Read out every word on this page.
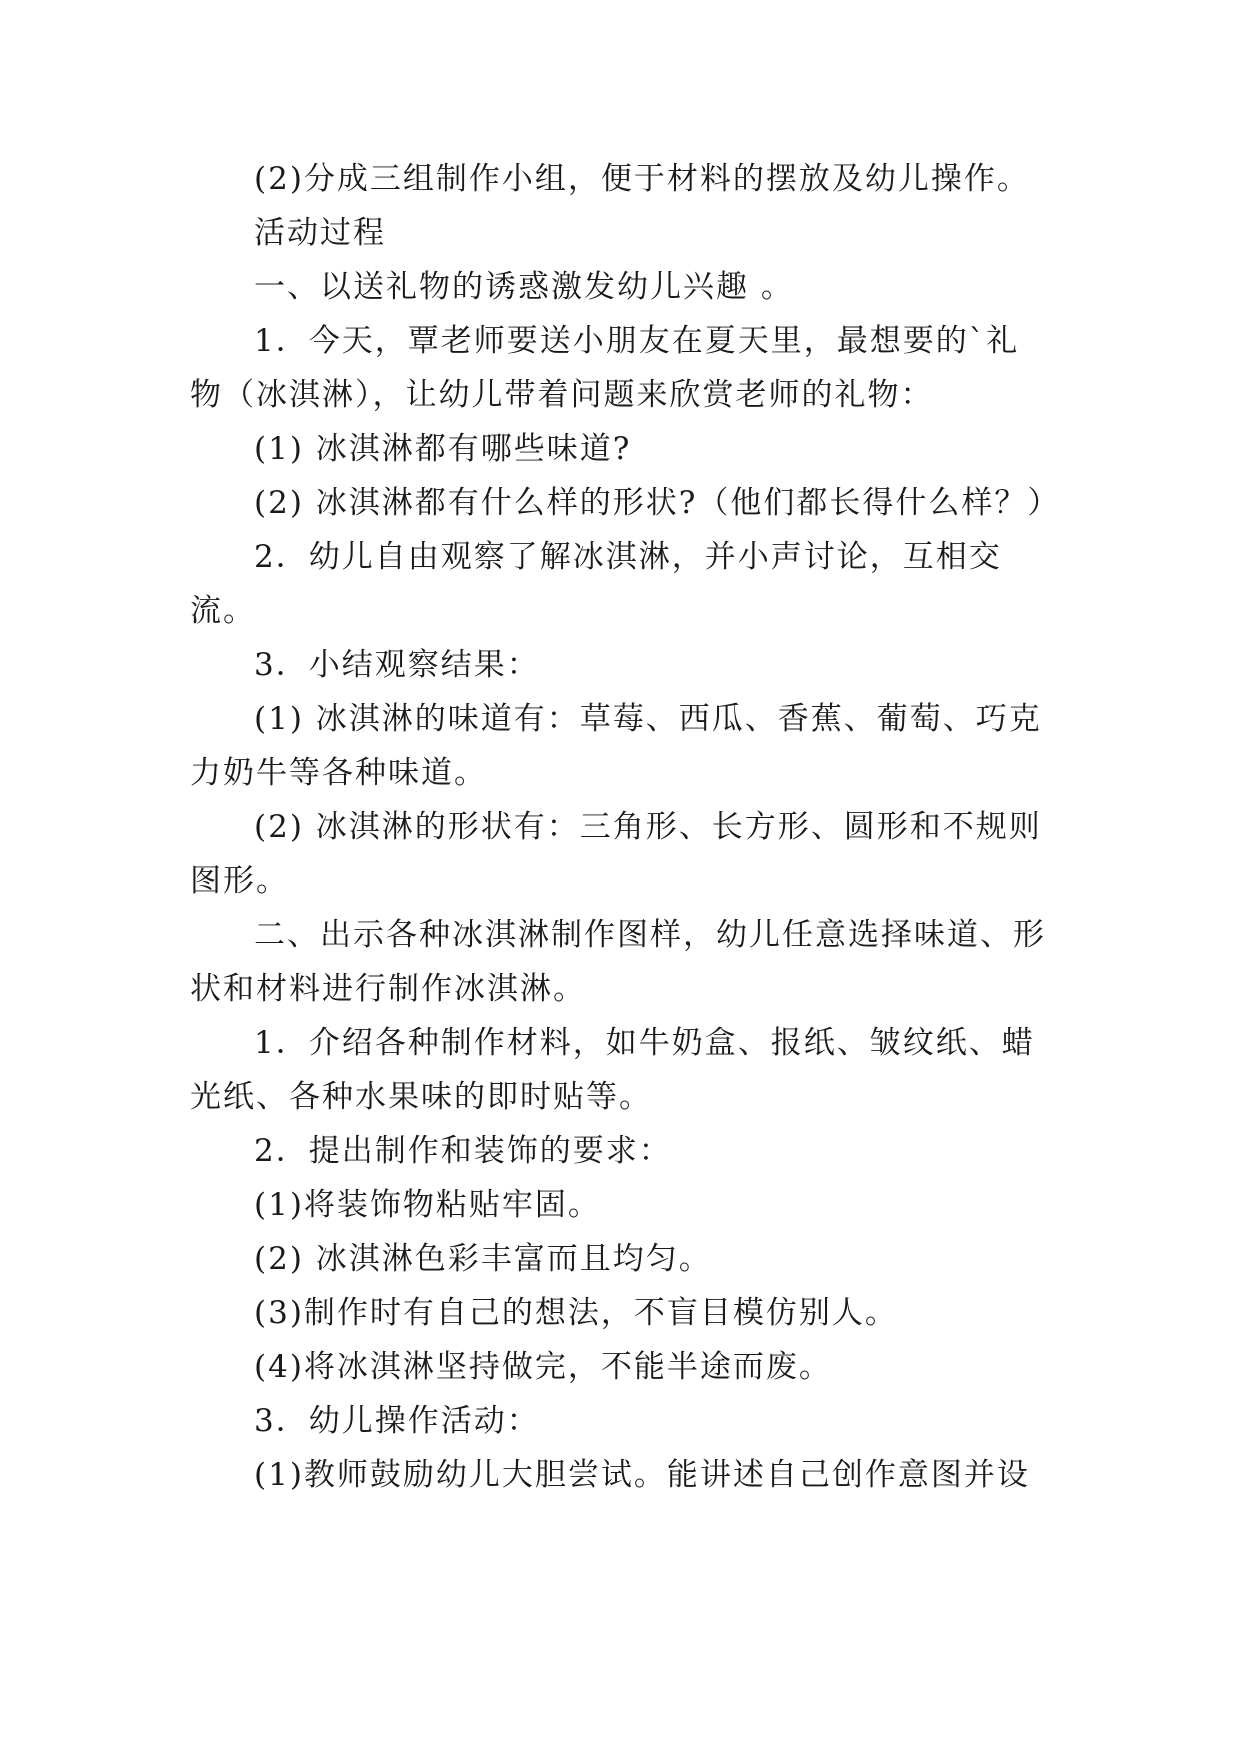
(2)分成三组制作小组，便于材料的摆放及幼儿操作。

活动过程

一、以送礼物的诱惑激发幼儿兴趣 。

1．今天，覃老师要送小朋友在夏天里，最想要的`礼物（冰淇淋），让幼儿带着问题来欣赏老师的礼物：

(1) 冰淇淋都有哪些味道?

(2) 冰淇淋都有什么样的形状?（他们都长得什么样？）

2．幼儿自由观察了解冰淇淋，并小声讨论，互相交流。

3．小结观察结果：

(1) 冰淇淋的味道有：草莓、西瓜、香蕉、葡萄、巧克力奶牛等各种味道。

(2) 冰淇淋的形状有：三角形、长方形、圆形和不规则图形。

二、出示各种冰淇淋制作图样，幼儿任意选择味道、形状和材料进行制作冰淇淋。

1．介绍各种制作材料，如牛奶盒、报纸、皱纹纸、蜡光纸、各种水果味的即时贴等。

2．提出制作和装饰的要求：

(1)将装饰物粘贴牢固。

(2) 冰淇淋色彩丰富而且均匀。

(3)制作时有自己的想法，不盲目模仿别人。

(4)将冰淇淋坚持做完，不能半途而废。

3．幼儿操作活动：

(1)教师鼓励幼儿大胆尝试。能讲述自己创作意图并设
